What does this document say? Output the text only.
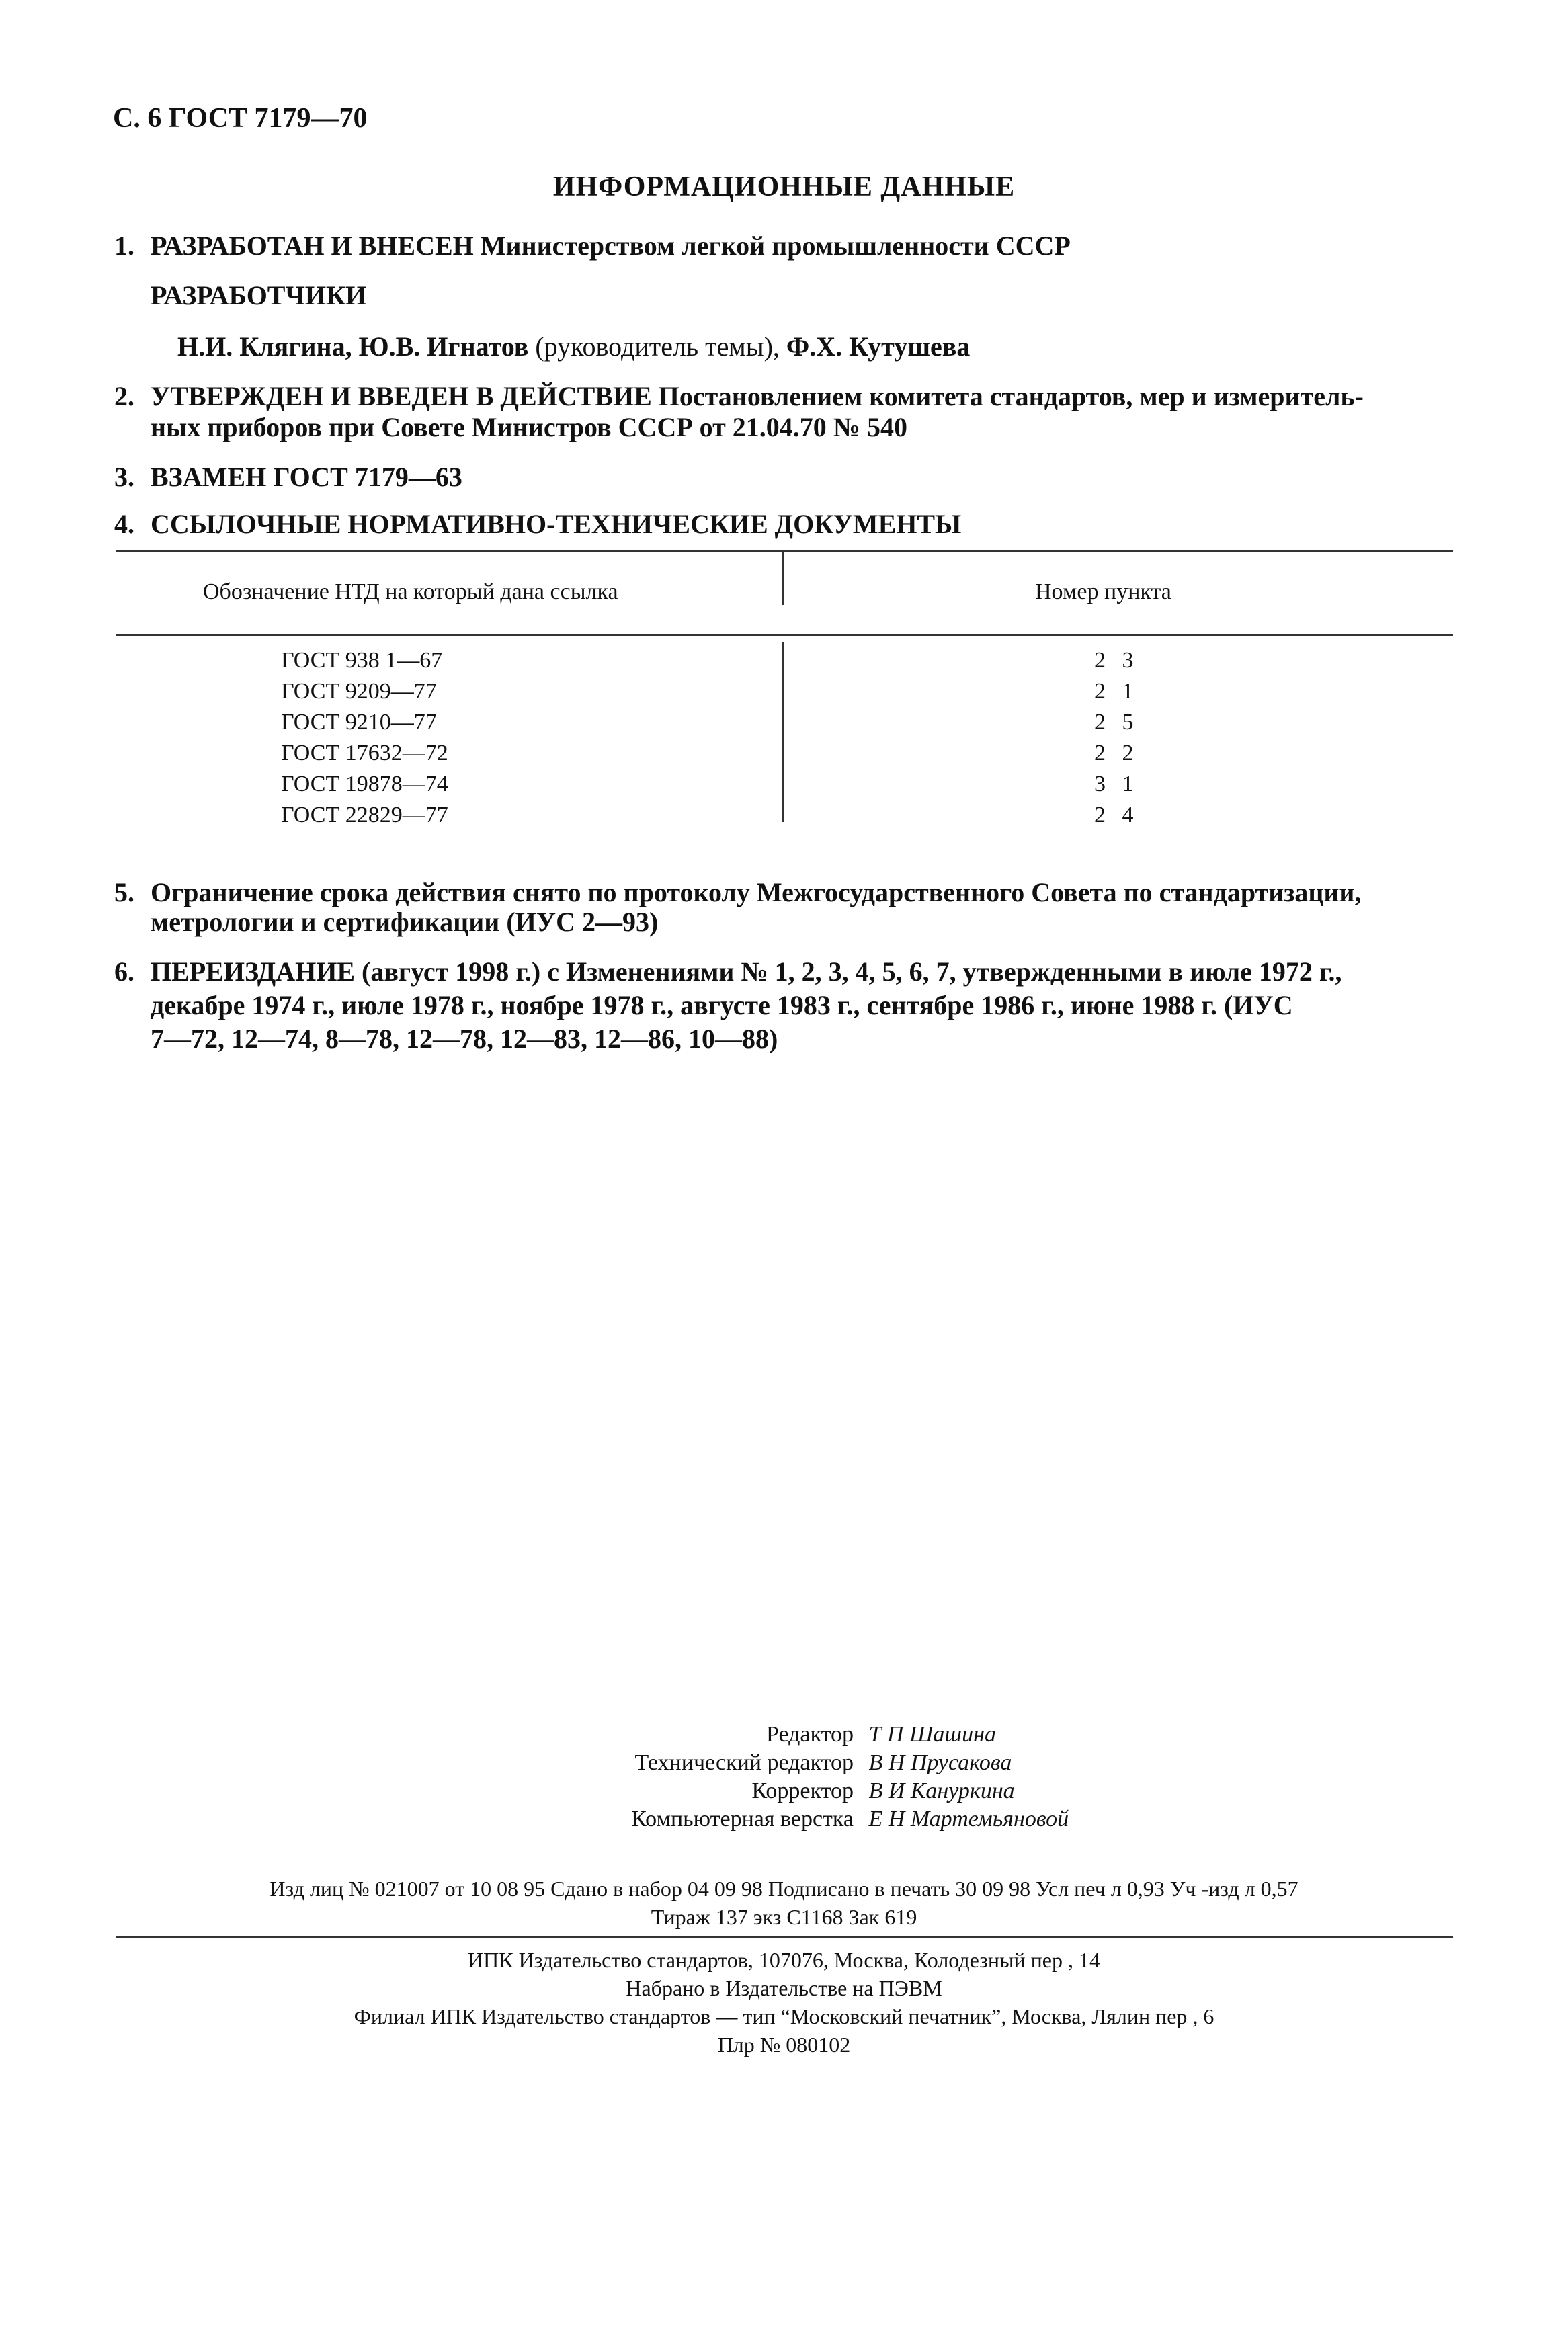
С. 6 ГОСТ 7179—70
ИНФОРМАЦИОННЫЕ ДАННЫЕ
1. РАЗРАБОТАН И ВНЕСЕН Министерством легкой промышленности СССР
РАЗРАБОТЧИКИ
Н.И. Клягина, Ю.В. Игнатов (руководитель темы), Ф.Х. Кутушева
2. УТВЕРЖДЕН И ВВЕДЕН В ДЕЙСТВИЕ Постановлением комитета стандартов, мер и измеритель-
ных приборов при Совете Министров СССР от 21.04.70 № 540
3. ВЗАМЕН ГОСТ 7179—63
4. ССЫЛОЧНЫЕ НОРМАТИВНО-ТЕХНИЧЕСКИЕ ДОКУМЕНТЫ
Обозначение НТД на который дана ссылка	Номер пункта
ГОСТ 938 1—67	2 3
ГОСТ 9209—77	2 1
ГОСТ 9210—77	2 5
ГОСТ 17632—72	2 2
ГОСТ 19878—74	3 1
ГОСТ 22829—77	2 4
5. Ограничение срока действия снято по протоколу Межгосударственного Совета по стандартизации,
метрологии и сертификации (ИУС 2—93)
6. ПЕРЕИЗДАНИЕ (август 1998 г.) с Изменениями № 1, 2, 3, 4, 5, 6, 7, утвержденными в июле 1972 г.,
декабре 1974 г., июле 1978 г., ноябре 1978 г., августе 1983 г., сентябре 1986 г., июне 1988 г. (ИУС
7—72, 12—74, 8—78, 12—78, 12—83, 12—86, 10—88)
Редактор Т П Шашина
Технический редактор В Н Прусакова
Корректор В И Кануркина
Компьютерная верстка Е Н Мартемьяновой
Изд лиц № 021007 от 10 08 95 Сдано в набор 04 09 98 Подписано в печать 30 09 98 Усл печ л 0,93 Уч -изд л 0,57
Тираж 137 экз С1168 Зак 619
ИПК Издательство стандартов, 107076, Москва, Колодезный пер , 14
Набрано в Издательстве на ПЭВМ
Филиал ИПК Издательство стандартов — тип “Московский печатник”, Москва, Лялин пер , 6
Плр № 080102
